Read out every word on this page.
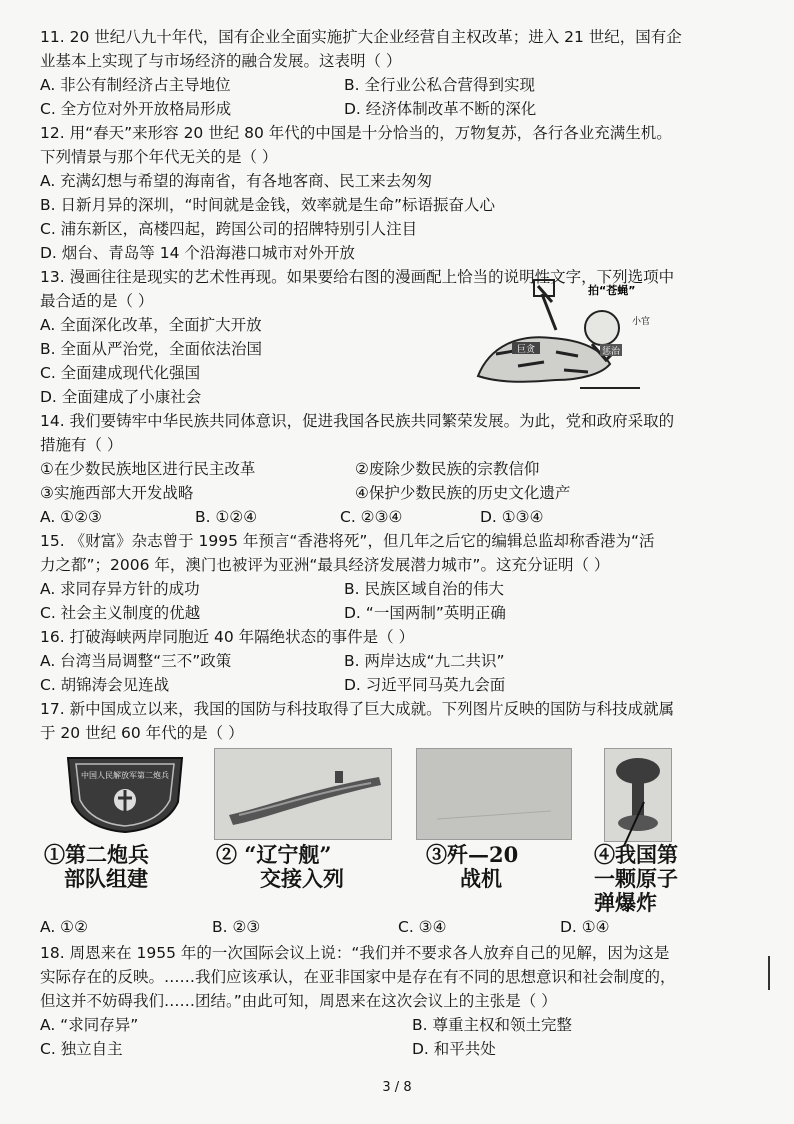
11. 20 世纪八九十年代，国有企业全面实施扩大企业经营自主权改革；进入 21 世纪，国有企
业基本上实现了与市场经济的融合发展。这表明（ ）
A. 非公有制经济占主导地位	B. 全行业公私合营得到实现
C. 全方位对外开放格局形成	D. 经济体制改革不断的深化
12. 用“春天”来形容 20 世纪 80 年代的中国是十分恰当的，万物复苏，各行各业充满生机。
下列情景与那个年代无关的是（ ）
A. 充满幻想与希望的海南省，有各地客商、民工来去匆匆
B. 日新月异的深圳，“时间就是金钱，效率就是生命”标语振奋人心
C. 浦东新区，高楼四起，跨国公司的招牌特别引人注目
D. 烟台、青岛等 14 个沿海港口城市对外开放
13. 漫画往往是现实的艺术性再现。如果要给右图的漫画配上恰当的说明性文字，下列选项中
最合适的是（ ）
A. 全面深化改革，全面扩大开放
B. 全面从严治党，全面依法治国
C. 全面建成现代化强国
D. 全面建成了小康社会
巨贪	惩治
拍“苍蝇”
小官
14. 我们要铸牢中华民族共同体意识，促进我国各民族共同繁荣发展。为此，党和政府采取的
措施有（ ）
①在少数民族地区进行民主改革	②废除少数民族的宗教信仰
③实施西部大开发战略	④保护少数民族的历史文化遗产
A. ①②③	B. ①②④	C. ②③④	D. ①③④
15. 《财富》杂志曾于 1995 年预言“香港将死”，但几年之后它的编辑总监却称香港为“活
力之都”；2006 年，澳门也被评为亚洲“最具经济发展潜力城市”。这充分证明（ ）
A. 求同存异方针的成功	B. 民族区域自治的伟大
C. 社会主义制度的优越	D. “一国两制”英明正确
16. 打破海峡两岸同胞近 40 年隔绝状态的事件是（ ）
A. 台湾当局调整“三不”政策	B. 两岸达成“九二共识”
C. 胡锦涛会见连战	D. 习近平同马英九会面
17. 新中国成立以来，我国的国防与科技取得了巨大成就。下列图片反映的国防与科技成就属
于 20 世纪 60 年代的是（ ）
中国人民解放军第二炮兵
①第二炮兵
部队组建
② “辽宁舰”
交接入列
③歼—20
战机
④我国第
一颗原子
弹爆炸
A. ①②	B. ②③	C. ③④	D. ①④
18. 周恩来在 1955 年的一次国际会议上说：“我们并不要求各人放弃自己的见解，因为这是
实际存在的反映。……我们应该承认，在亚非国家中是存在有不同的思想意识和社会制度的，
但这并不妨碍我们……团结。”由此可知，周恩来在这次会议上的主张是（ ）
A. “求同存异”	B. 尊重主权和领土完整
C. 独立自主	D. 和平共处
3 / 8
